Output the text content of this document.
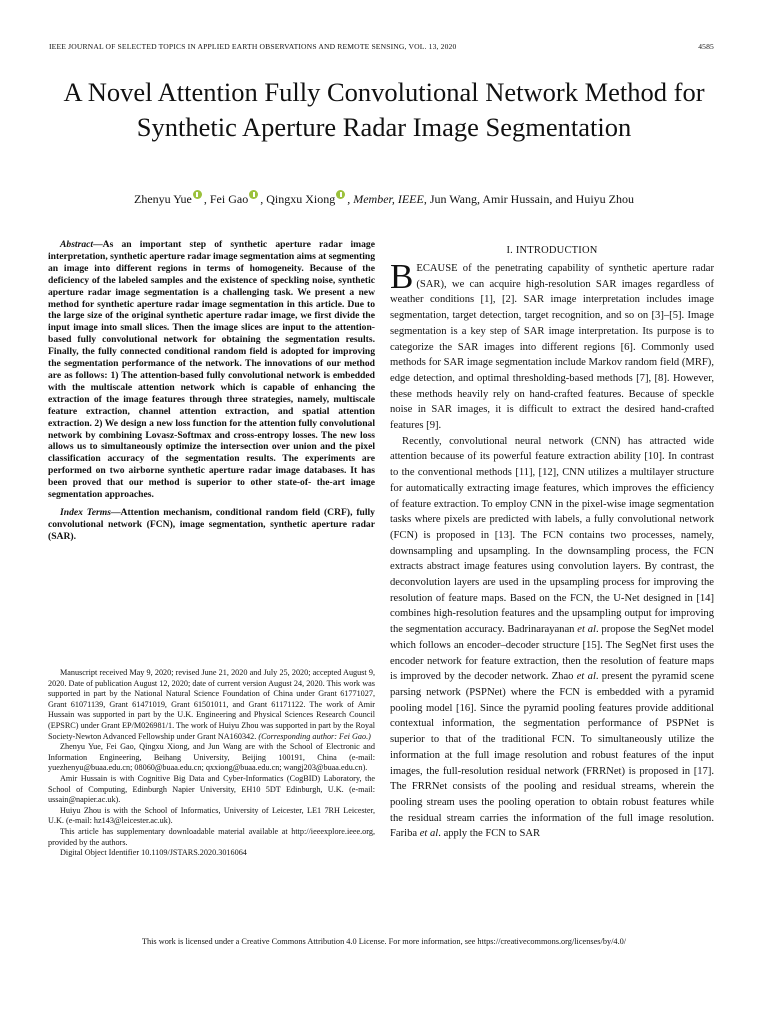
IEEE JOURNAL OF SELECTED TOPICS IN APPLIED EARTH OBSERVATIONS AND REMOTE SENSING, VOL. 13, 2020	4585
A Novel Attention Fully Convolutional Network Method for Synthetic Aperture Radar Image Segmentation
Zhenyu Yue , Fei Gao , Qingxu Xiong , Member, IEEE, Jun Wang, Amir Hussain, and Huiyu Zhou

Abstract—As an important step of synthetic aperture radar image interpretation, synthetic aperture radar image segmentation aims at segmenting an image into different regions in terms of homogeneity. Because of the deficiency of the labeled samples and the existence of speckling noise, synthetic aperture radar image segmentation is a challenging task. We present a new method for synthetic aperture radar image segmentation in this article. Due to the large size of the original synthetic aperture radar image, we first divide the input image into small slices. Then the image slices are input to the attention-based fully convolutional network for obtaining the segmentation results. Finally, the fully connected conditional random field is adopted for improving the segmentation performance of the network. The innovations of our method are as follows: 1) The attention-based fully convolutional network is embedded with the multiscale attention network which is capable of enhancing the extraction of the image features through three strategies, namely, multiscale feature extraction, channel attention extraction, and spatial attention extraction. 2) We design a new loss function for the attention fully convolutional network by combining Lovasz-Softmax and cross-entropy losses. The new loss allows us to simultaneously optimize the intersection over union and the pixel classification accuracy of the segmentation results. The experiments are performed on two airborne synthetic aperture radar image databases. It has been proved that our method is superior to other state-of- the-art image segmentation approaches.

Index Terms—Attention mechanism, conditional random field (CRF), fully convolutional network (FCN), image segmentation, synthetic aperture radar (SAR).

Manuscript received May 9, 2020; revised June 21, 2020 and July 25, 2020; accepted August 9, 2020. Date of publication August 12, 2020; date of current version August 24, 2020. This work was supported in part by the National Natural Science Foundation of China under Grant 61771027, Grant 61071139, Grant 61471019, Grant 61501011, and Grant 61171122. The work of Amir Hussain was supported in part by the U.K. Engineering and Physical Sciences Research Council (EPSRC) under Grant EP/M026981/1. The work of Huiyu Zhou was supported in part by the Royal Society-Newton Advanced Fellowship under Grant NA160342. (Corresponding author: Fei Gao.)

Zhenyu Yue, Fei Gao, Qingxu Xiong, and Jun Wang are with the School of Electronic and Information Engineering, Beihang University, Beijing 100191, China (e-mail: yuezhenyu@buaa.edu.cn; 08060@buaa.edu.cn; qxxiong@buaa.edu.cn; wangj203@buaa.edu.cn).

Amir Hussain is with Cognitive Big Data and Cyber-Informatics (CogBID) Laboratory, the School of Computing, Edinburgh Napier University, EH10 5DT Edinburgh, U.K. (e-mail: ussain@napier.ac.uk).

Huiyu Zhou is with the School of Informatics, University of Leicester, LE1 7RH Leicester, U.K. (e-mail: hz143@leicester.ac.uk).

This article has supplementary downloadable material available at http://ieeexplore.ieee.org, provided by the authors.

Digital Object Identifier 10.1109/JSTARS.2020.3016064

I. INTRODUCTION

BECAUSE of the penetrating capability of synthetic aperture radar (SAR), we can acquire high-resolution SAR images regardless of weather conditions [1], [2]. SAR image interpretation includes image segmentation, target detection, target recognition, and so on [3]–[5]. Image segmentation is a key step of SAR image interpretation. Its purpose is to categorize the SAR images into different regions [6]. Commonly used methods for SAR image segmentation include Markov random field (MRF), edge detection, and optimal thresholding-based methods [7], [8]. However, these methods heavily rely on hand-crafted features. Because of speckle noise in SAR images, it is difficult to extract the desired hand-crafted features [9].

Recently, convolutional neural network (CNN) has attracted wide attention because of its powerful feature extraction ability [10]. In contrast to the conventional methods [11], [12], CNN utilizes a multilayer structure for automatically extracting image features, which improves the efficiency of feature extraction. To employ CNN in the pixel-wise image segmentation tasks where pixels are predicted with labels, a fully convolutional network (FCN) is proposed in [13]. The FCN contains two processes, namely, downsampling and upsampling. In the downsampling process, the FCN extracts abstract image features using convolution layers. By contrast, the deconvolution layers are used in the upsampling process for improving the resolution of feature maps. Based on the FCN, the U-Net designed in [14] combines high-resolution features and the upsampling output for improving the segmentation accuracy. Badrinarayanan et al. propose the SegNet model which follows an encoder–decoder structure [15]. The SegNet first uses the encoder network for feature extraction, then the resolution of feature maps is improved by the decoder network. Zhao et al. present the pyramid scene parsing network (PSPNet) where the FCN is embedded with a pyramid pooling model [16]. Since the pyramid pooling features provide additional contextual information, the segmentation performance of PSPNet is superior to that of the traditional FCN. To simultaneously utilize the information at the full image resolution and robust features of the input images, the full-resolution residual network (FRRNet) is proposed in [17]. The FRRNet consists of the pooling and residual streams, wherein the pooling stream uses the pooling operation to obtain robust features while the residual stream carries the information of the full image resolution. Fariba et al. apply the FCN to SAR

This work is licensed under a Creative Commons Attribution 4.0 License. For more information, see https://creativecommons.org/licenses/by/4.0/
